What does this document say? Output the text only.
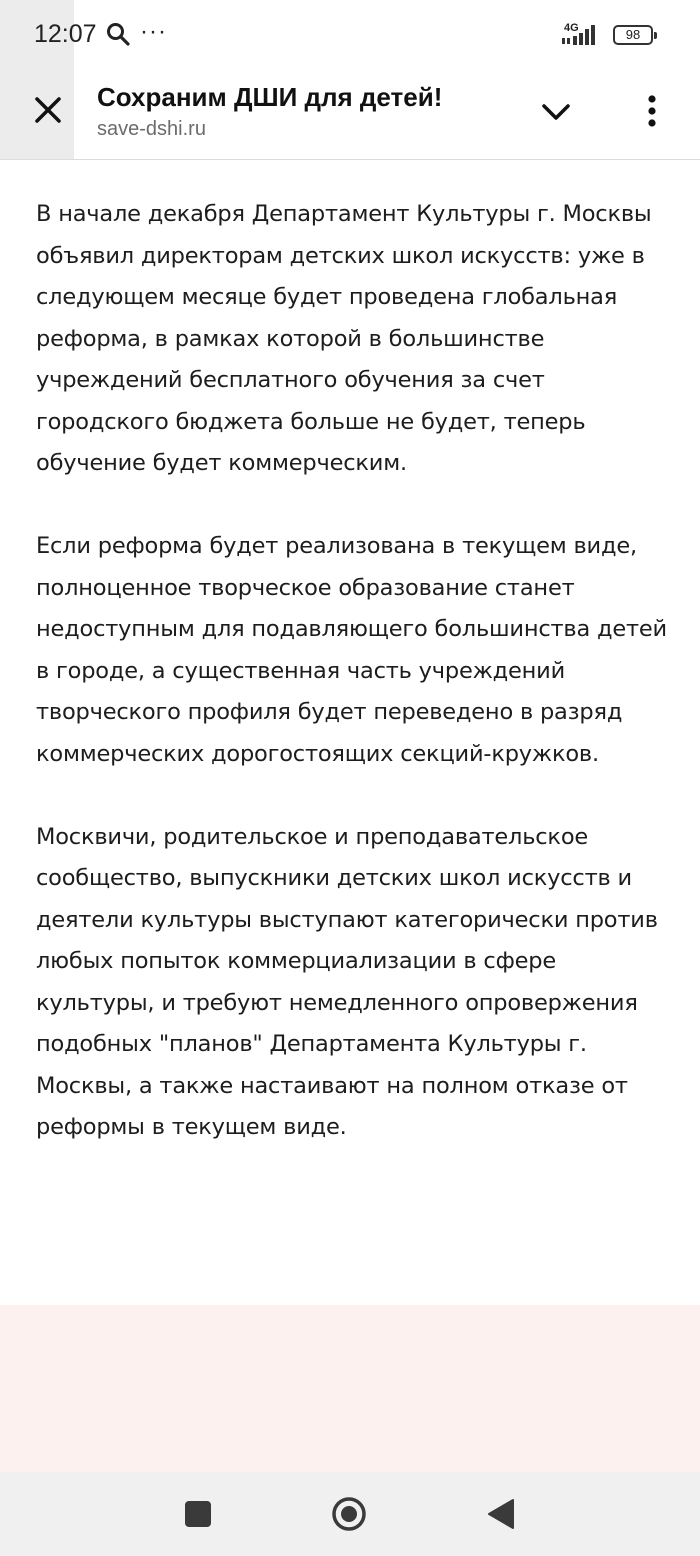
12:07 ···	4G	98
Сохраним ДШИ для детей!
save-dshi.ru

В начале декабря Департамент Культуры г. Москвы объявил директорам детских школ искусств: уже в следующем месяце будет проведена глобальная реформа, в рамках которой в большинстве учреждений бесплатного обучения за счет городского бюджета больше не будет, теперь обучение будет коммерческим.

Если реформа будет реализована в текущем виде, полноценное творческое образование станет недоступным для подавляющего большинства детей в городе, а существенная часть учреждений творческого профиля будет переведено в разряд коммерческих дорогостоящих секций-кружков.

Москвичи, родительское и преподавательское сообщество, выпускники детских школ искусств и деятели культуры выступают категорически против любых попыток коммерциализации в сфере культуры, и требуют немедленного опровержения подобных "планов" Департамента Культуры г. Москвы, а также настаивают на полном отказе от реформы в текущем виде.
